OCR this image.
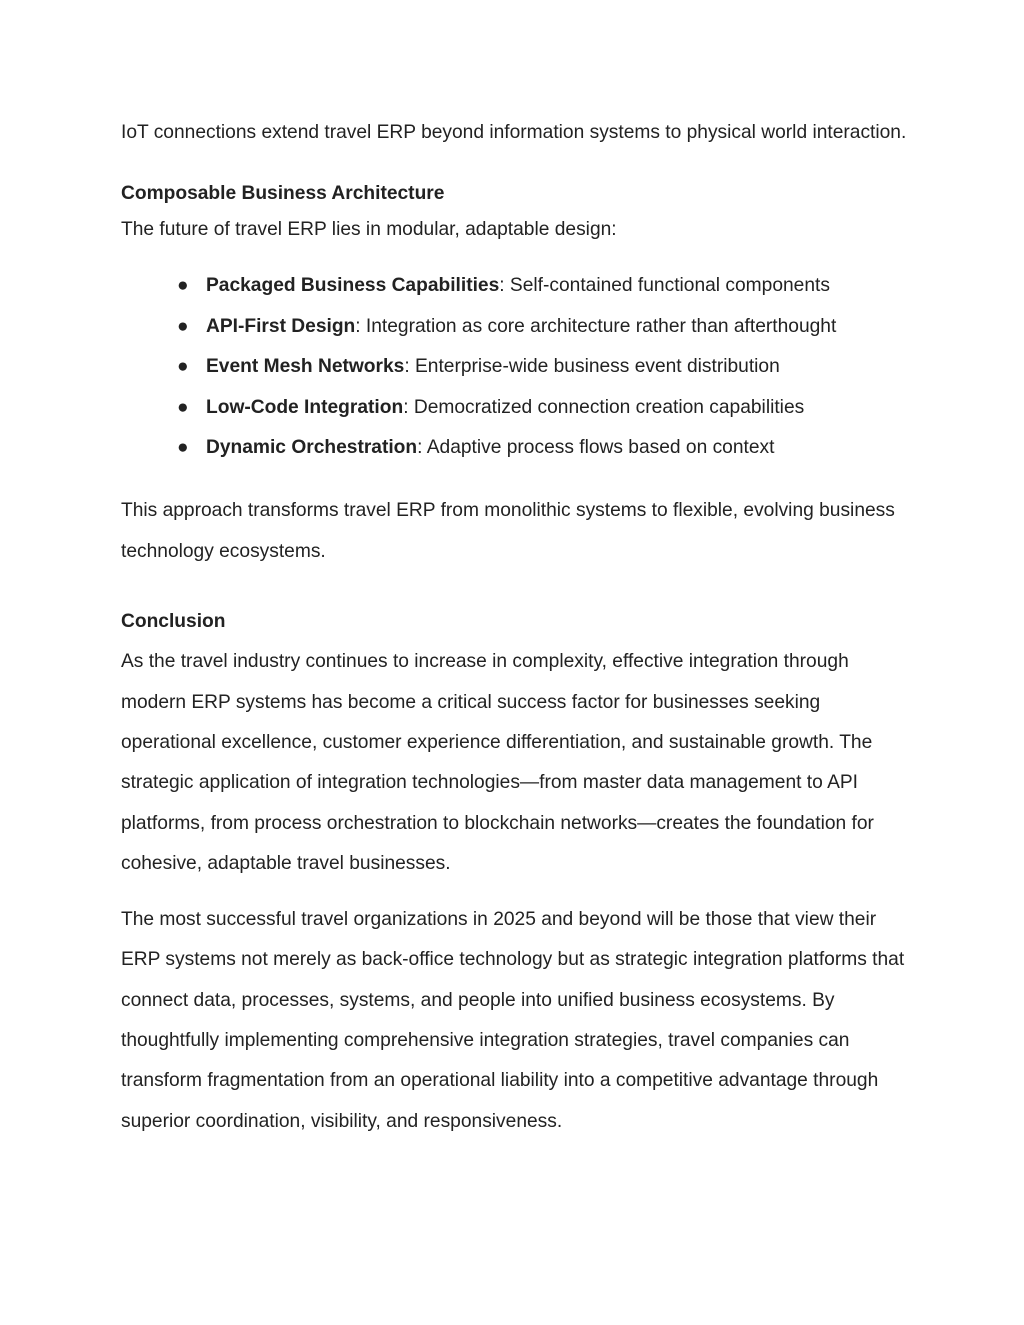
IoT connections extend travel ERP beyond information systems to physical world interaction.

Composable Business Architecture

The future of travel ERP lies in modular, adaptable design:

● Packaged Business Capabilities: Self-contained functional components
● API-First Design: Integration as core architecture rather than afterthought
● Event Mesh Networks: Enterprise-wide business event distribution
● Low-Code Integration: Democratized connection creation capabilities
● Dynamic Orchestration: Adaptive process flows based on context

This approach transforms travel ERP from monolithic systems to flexible, evolving business technology ecosystems.

Conclusion

As the travel industry continues to increase in complexity, effective integration through modern ERP systems has become a critical success factor for businesses seeking operational excellence, customer experience differentiation, and sustainable growth. The strategic application of integration technologies—from master data management to API platforms, from process orchestration to blockchain networks—creates the foundation for cohesive, adaptable travel businesses.

The most successful travel organizations in 2025 and beyond will be those that view their ERP systems not merely as back-office technology but as strategic integration platforms that connect data, processes, systems, and people into unified business ecosystems. By thoughtfully implementing comprehensive integration strategies, travel companies can transform fragmentation from an operational liability into a competitive advantage through superior coordination, visibility, and responsiveness.
